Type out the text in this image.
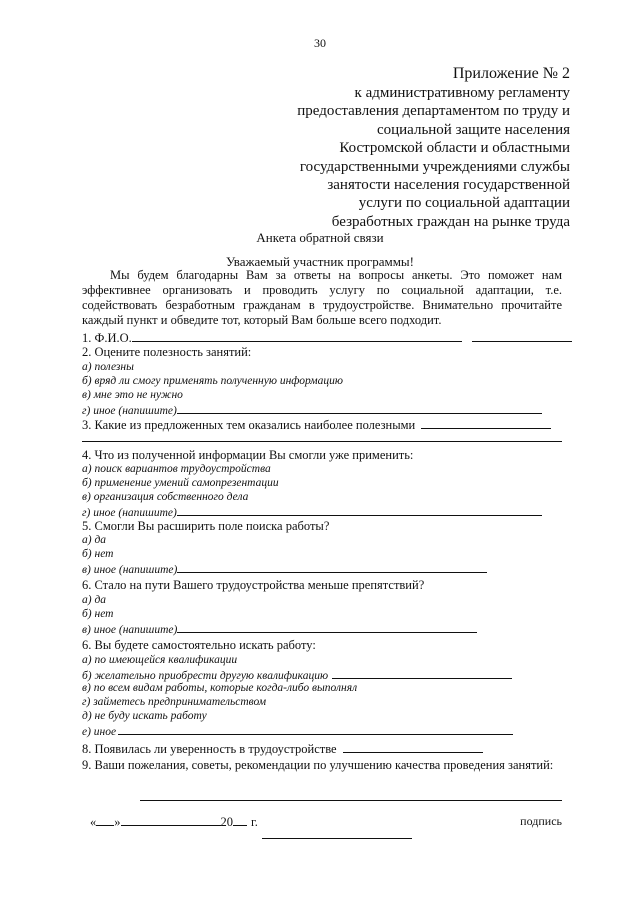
30
Приложение № 2
к административному регламенту
предоставления департаментом по труду и
социальной защите населения
Костромской области и областными
государственными учреждениями службы
занятости населения государственной
услуги по социальной адаптации
безработных граждан на рынке труда
Анкета обратной связи
Уважаемый участник программы!
Мы будем благодарны Вам за ответы на вопросы анкеты. Это поможет нам эффективнее организовать и проводить услугу по социальной адаптации, т.е. содействовать безработным гражданам в трудоустройстве. Внимательно прочитайте каждый пункт и обведите тот, который Вам больше всего подходит.
1. Ф.И.О.
2. Оцените полезность занятий:
а) полезны
б) вряд ли смогу применять полученную информацию
в) мне это не нужно
г) иное (напишите)
3. Какие из предложенных тем оказались наиболее полезными
4. Что из полученной информации Вы смогли уже применить:
а) поиск вариантов трудоустройства
б) применение умений самопрезентации
в) организация собственного дела
г) иное (напишите)
5. Смогли Вы расширить поле поиска работы?
а) да
б) нет
в) иное (напишите)
6. Стало на пути Вашего трудоустройства меньше препятствий?
а) да
б) нет
в) иное (напишите)
6. Вы будете самостоятельно искать работу:
а) по имеющейся квалификации
б) желательно приобрести другую квалификацию
в) по всем видам работы, которые когда-либо выполнял
г) займетесь предпринимательством
д) не буду искать работу
е) иное
8. Появилась ли уверенность в трудоустройстве
9. Ваши пожелания, советы, рекомендации по улучшению качества проведения занятий:
« »	20 г.	подпись
